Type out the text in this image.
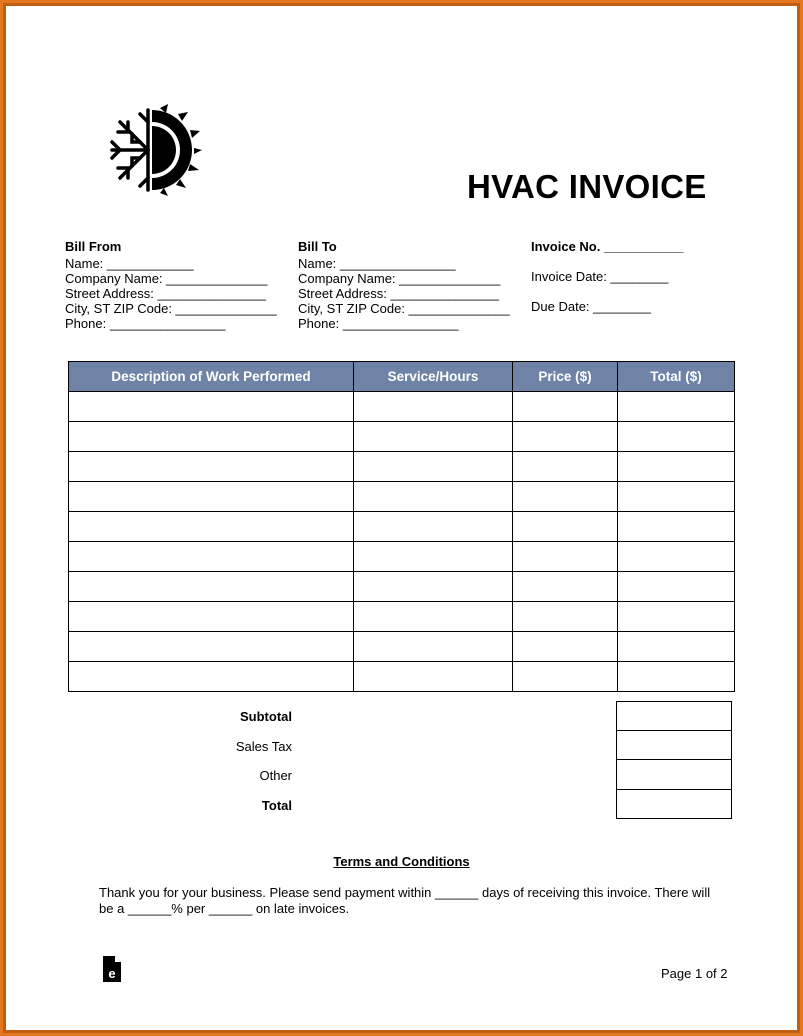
HVAC INVOICE
Bill From
Name: ____________
Company Name: ______________
Street Address: _______________
City, ST ZIP Code: ______________
Phone: ________________
Bill To
Name: ________________
Company Name: ______________
Street Address: _______________
City, ST ZIP Code: ______________
Phone: ________________
Invoice No. ___________
Invoice Date: ________
Due Date: ________
Description of Work Performed	Service/Hours	Price ($)	Total ($)

Subtotal
Sales Tax
Other
Total
Terms and Conditions
Thank you for your business. Please send payment within ______ days of receiving this invoice. There will be a ______% per ______ on late invoices.
e	Page 1 of 2
